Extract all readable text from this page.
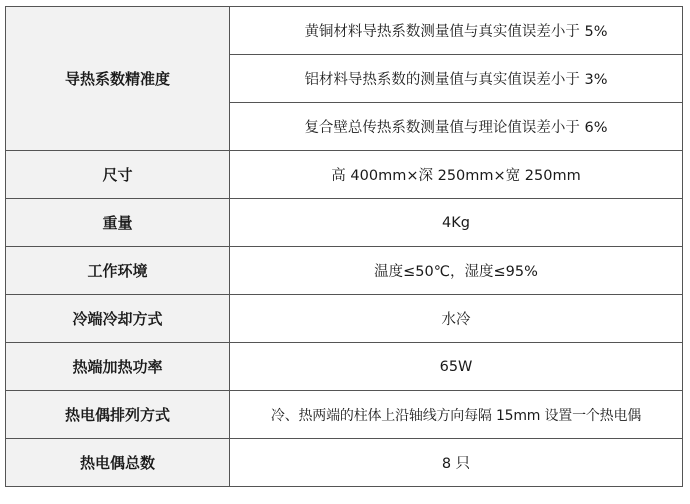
导热系数精准度	黄铜材料导热系数测量值与真实值误差小于 5%
	铝材料导热系数的测量值与真实值误差小于 3%
	复合壁总传热系数测量值与理论值误差小于 6%
尺寸	高 400mm×深 250mm×宽 250mm
重量	4Kg
工作环境	温度≤50℃，湿度≤95%
冷端冷却方式	水冷
热端加热功率	65W
热电偶排列方式	冷、热两端的柱体上沿轴线方向每隔 15mm 设置一个热电偶
热电偶总数	8 只
